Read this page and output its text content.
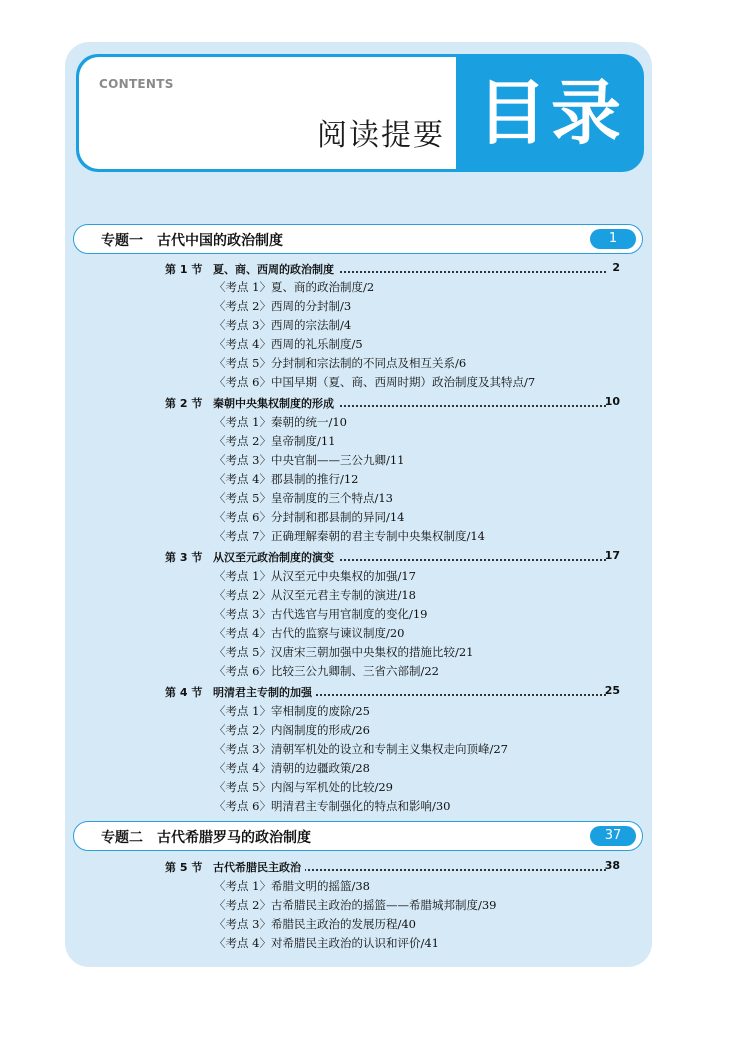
CONTENTS
阅读提要 目录
专题一　古代中国的政治制度	1
第 1 节 夏、商、西周的政治制度	2
〈考点 1〉夏、商的政治制度/2
〈考点 2〉西周的分封制/3
〈考点 3〉西周的宗法制/4
〈考点 4〉西周的礼乐制度/5
〈考点 5〉分封制和宗法制的不同点及相互关系/6
〈考点 6〉中国早期（夏、商、西周时期）政治制度及其特点/7
第 2 节 秦朝中央集权制度的形成	10
〈考点 1〉秦朝的统一/10
〈考点 2〉皇帝制度/11
〈考点 3〉中央官制——三公九卿/11
〈考点 4〉郡县制的推行/12
〈考点 5〉皇帝制度的三个特点/13
〈考点 6〉分封制和郡县制的异同/14
〈考点 7〉正确理解秦朝的君主专制中央集权制度/14
第 3 节 从汉至元政治制度的演变	17
〈考点 1〉从汉至元中央集权的加强/17
〈考点 2〉从汉至元君主专制的演进/18
〈考点 3〉古代选官与用官制度的变化/19
〈考点 4〉古代的监察与谏议制度/20
〈考点 5〉汉唐宋三朝加强中央集权的措施比较/21
〈考点 6〉比较三公九卿制、三省六部制/22
第 4 节 明清君主专制的加强	25
〈考点 1〉宰相制度的废除/25
〈考点 2〉内阁制度的形成/26
〈考点 3〉清朝军机处的设立和专制主义集权走向顶峰/27
〈考点 4〉清朝的边疆政策/28
〈考点 5〉内阁与军机处的比较/29
〈考点 6〉明清君主专制强化的特点和影响/30
专题二　古代希腊罗马的政治制度	37
第 5 节 古代希腊民主政治	38
〈考点 1〉希腊文明的摇篮/38
〈考点 2〉古希腊民主政治的摇篮——希腊城邦制度/39
〈考点 3〉希腊民主政治的发展历程/40
〈考点 4〉对希腊民主政治的认识和评价/41
